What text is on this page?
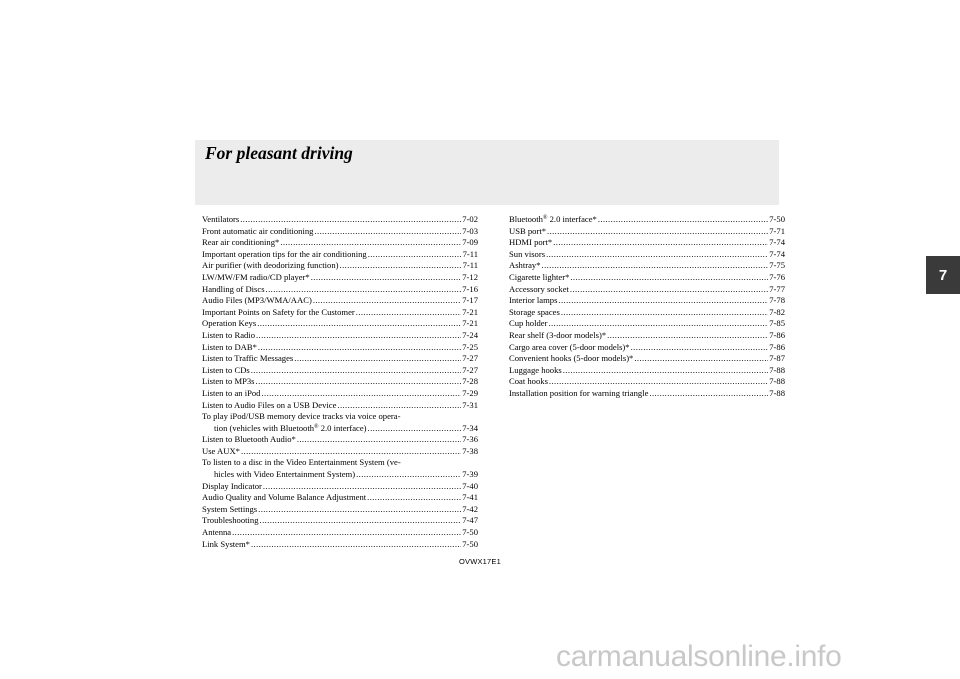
For pleasant driving
Ventilators .....	7-02
Front automatic air conditioning .....	7-03
Rear air conditioning* .....	7-09
Important operation tips for the air conditioning .....	7-11
Air purifier (with deodorizing function) .....	7-11
LW/MW/FM radio/CD player* .....	7-12
Handling of Discs .....	7-16
Audio Files (MP3/WMA/AAC) .....	7-17
Important Points on Safety for the Customer .....	7-21
Operation Keys .....	7-21
Listen to Radio .....	7-24
Listen to DAB* .....	7-25
Listen to Traffic Messages .....	7-27
Listen to CDs .....	7-27
Listen to MP3s .....	7-28
Listen to an iPod .....	7-29
Listen to Audio Files on a USB Device .....	7-31
To play iPod/USB memory device tracks via voice opera-
tion (vehicles with Bluetooth® 2.0 interface) .....	7-34
Listen to Bluetooth Audio* .....	7-36
Use AUX* .....	7-38
To listen to a disc in the Video Entertainment System (ve-
hicles with Video Entertainment System) .....	7-39
Display Indicator .....	7-40
Audio Quality and Volume Balance Adjustment .....	7-41
System Settings .....	7-42
Troubleshooting .....	7-47
Antenna .....	7-50
Link System* .....	7-50
Bluetooth® 2.0 interface* .....	7-50
USB port* .....	7-71
HDMI port* .....	7-74
Sun visors .....	7-74
Ashtray* .....	7-75
Cigarette lighter* .....	7-76
Accessory socket .....	7-77
Interior lamps .....	7-78
Storage spaces .....	7-82
Cup holder .....	7-85
Rear shelf (3-door models)* .....	7-86
Cargo area cover (5-door models)* .....	7-86
Convenient hooks (5-door models)* .....	7-87
Luggage hooks .....	7-88
Coat hooks .....	7-88
Installation position for warning triangle .....	7-88
7
OVWX17E1
carmanualsonline.info
